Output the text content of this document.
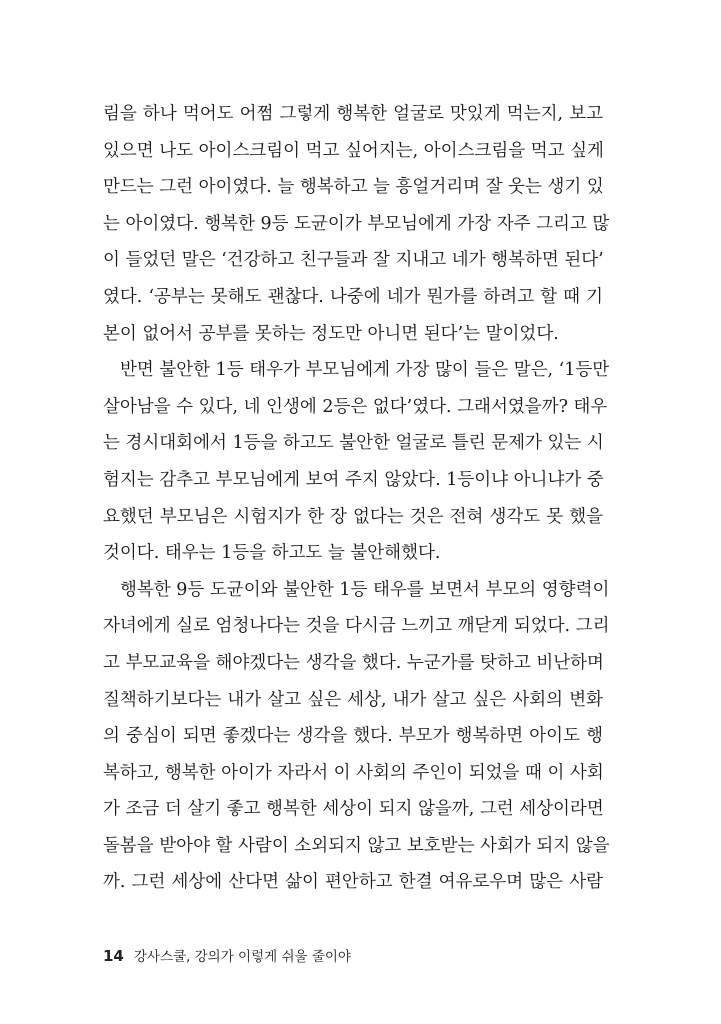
림을 하나 먹어도 어쩜 그렇게 행복한 얼굴로 맛있게 먹는지, 보고
있으면 나도 아이스크림이 먹고 싶어지는, 아이스크림을 먹고 싶게
만드는 그런 아이였다. 늘 행복하고 늘 흥얼거리며 잘 웃는 생기 있
는 아이였다. 행복한 9등 도균이가 부모님에게 가장 자주 그리고 많
이 들었던 말은 ‘건강하고 친구들과 잘 지내고 네가 행복하면 된다’
였다. ‘공부는 못해도 괜찮다. 나중에 네가 뭔가를 하려고 할 때 기
본이 없어서 공부를 못하는 정도만 아니면 된다’는 말이었다.
반면 불안한 1등 태우가 부모님에게 가장 많이 들은 말은, ‘1등만
살아남을 수 있다, 네 인생에 2등은 없다’였다. 그래서였을까? 태우
는 경시대회에서 1등을 하고도 불안한 얼굴로 틀린 문제가 있는 시
험지는 감추고 부모님에게 보여 주지 않았다. 1등이냐 아니냐가 중
요했던 부모님은 시험지가 한 장 없다는 것은 전혀 생각도 못 했을
것이다. 태우는 1등을 하고도 늘 불안해했다.
행복한 9등 도균이와 불안한 1등 태우를 보면서 부모의 영향력이
자녀에게 실로 엄청나다는 것을 다시금 느끼고 깨닫게 되었다. 그리
고 부모교육을 해야겠다는 생각을 했다. 누군가를 탓하고 비난하며
질책하기보다는 내가 살고 싶은 세상, 내가 살고 싶은 사회의 변화
의 중심이 되면 좋겠다는 생각을 했다. 부모가 행복하면 아이도 행
복하고, 행복한 아이가 자라서 이 사회의 주인이 되었을 때 이 사회
가 조금 더 살기 좋고 행복한 세상이 되지 않을까, 그런 세상이라면
돌봄을 받아야 할 사람이 소외되지 않고 보호받는 사회가 되지 않을
까. 그런 세상에 산다면 삶이 편안하고 한결 여유로우며 많은 사람
14 강사스쿨, 강의가 이렇게 쉬울 줄이야
